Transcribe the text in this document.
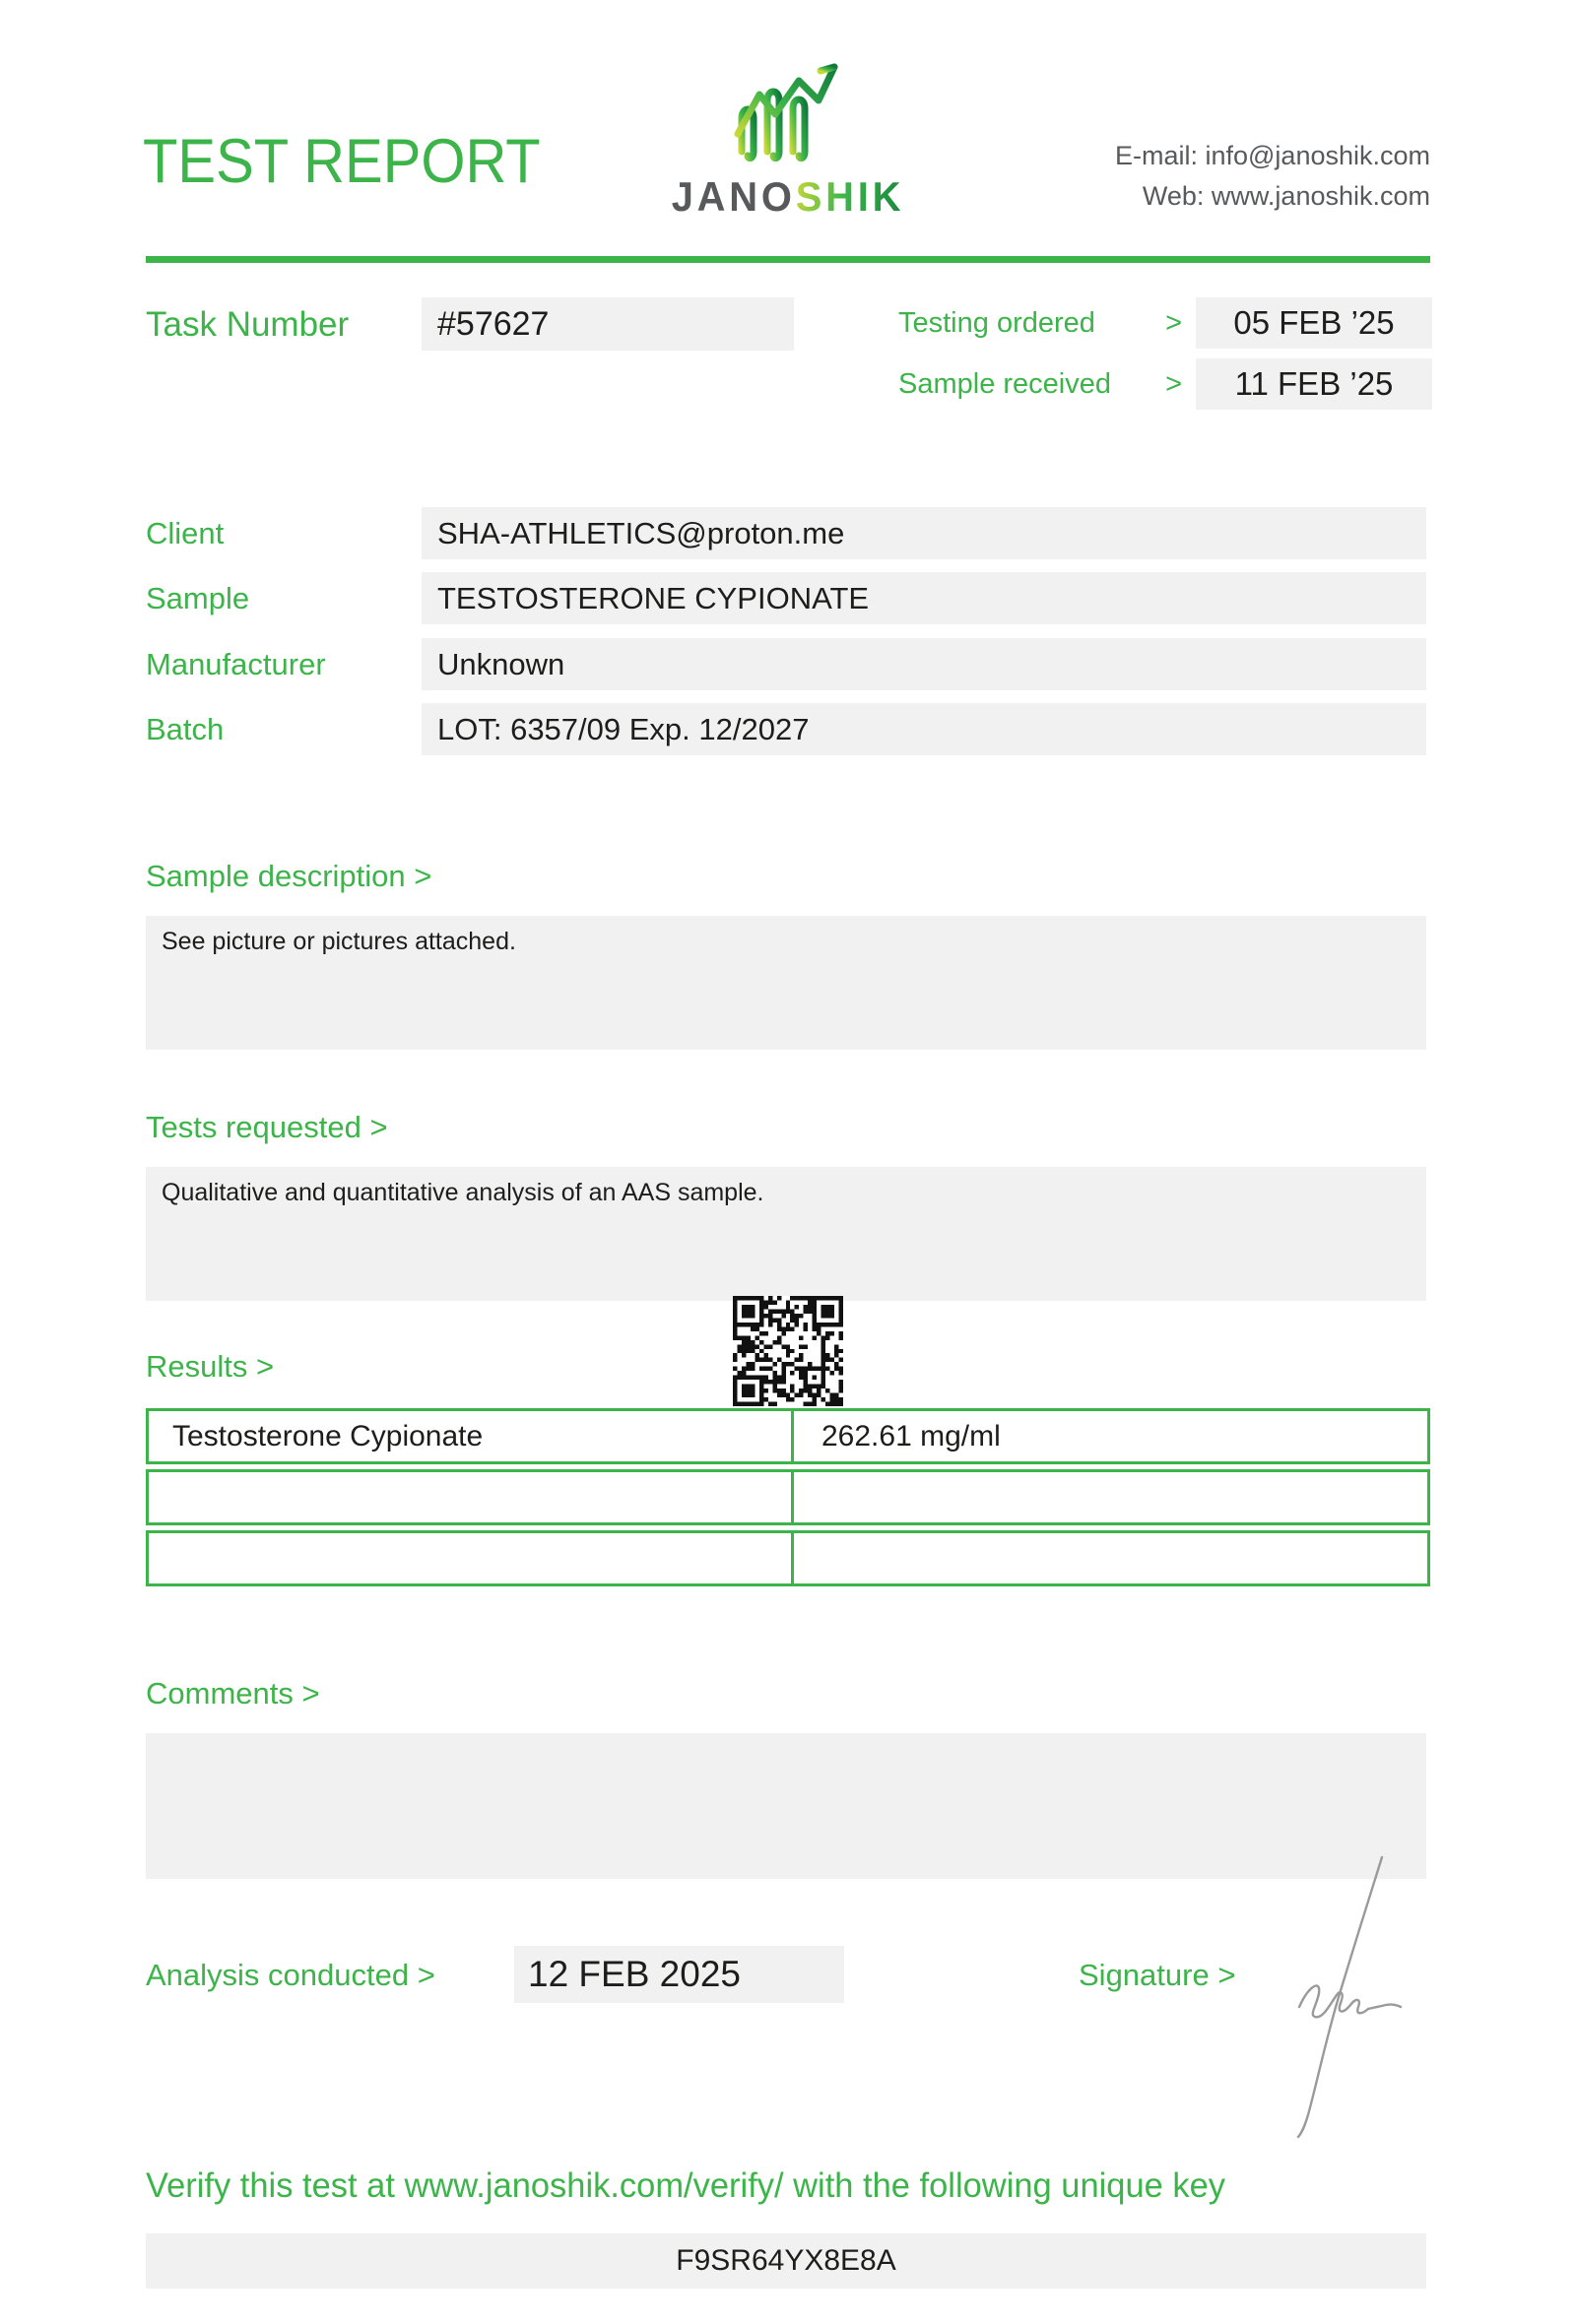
TEST REPORT
JANOSHIK
E-mail: info@janoshik.com
Web: www.janoshik.com
Task Number	#57627	Testing ordered >	05 FEB ’25
Sample received >	11 FEB ’25
Client	SHA-ATHLETICS@proton.me
Sample	TESTOSTERONE CYPIONATE
Manufacturer	Unknown
Batch	LOT: 6357/09 Exp. 12/2027
Sample description >

See picture or pictures attached.

Tests requested >

Qualitative and quantitative analysis of an AAS sample.

Results >
Testosterone Cypionate	262.61 mg/ml
Comments >

Analysis conducted >	12 FEB 2025	Signature >
Verify this test at www.janoshik.com/verify/ with the following unique key
F9SR64YX8E8A
